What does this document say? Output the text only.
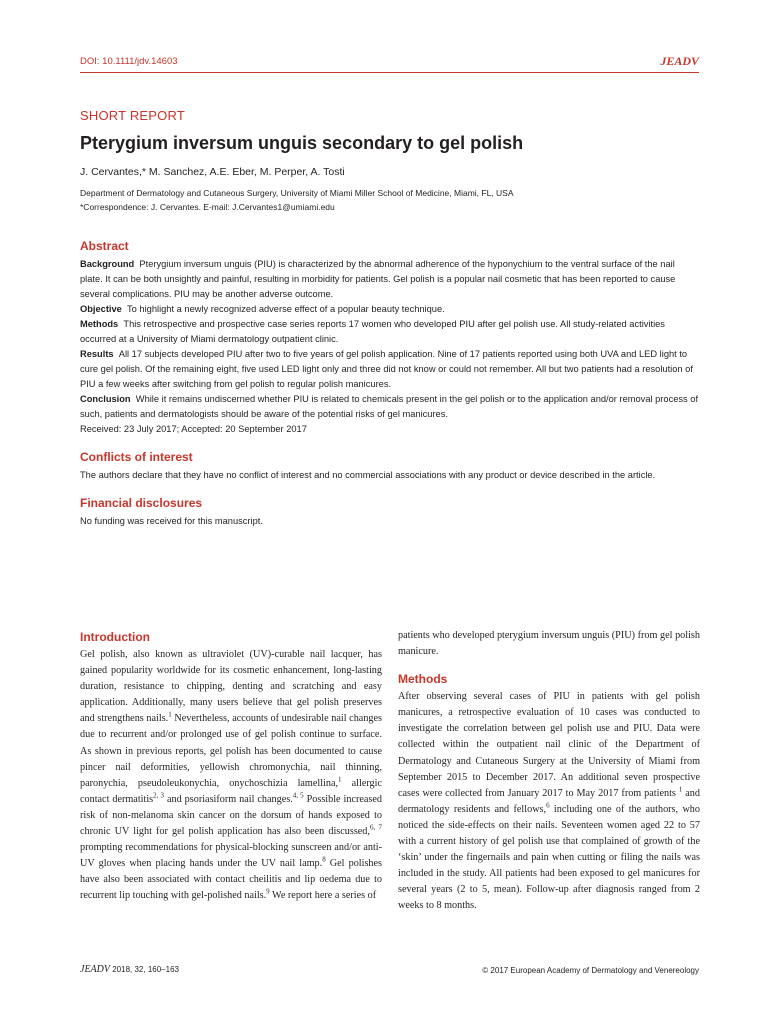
DOI: 10.1111/jdv.14603	JEADV
SHORT REPORT
Pterygium inversum unguis secondary to gel polish
J. Cervantes,* M. Sanchez, A.E. Eber, M. Perper, A. Tosti
Department of Dermatology and Cutaneous Surgery, University of Miami Miller School of Medicine, Miami, FL, USA
*Correspondence: J. Cervantes. E-mail: J.Cervantes1@umiami.edu
Abstract

Background Pterygium inversum unguis (PIU) is characterized by the abnormal adherence of the hyponychium to the ventral surface of the nail plate. It can be both unsightly and painful, resulting in morbidity for patients. Gel polish is a popular nail cosmetic that has been reported to cause several complications. PIU may be another adverse outcome.

Objective To highlight a newly recognized adverse effect of a popular beauty technique.

Methods This retrospective and prospective case series reports 17 women who developed PIU after gel polish use. All study-related activities occurred at a University of Miami dermatology outpatient clinic.

Results All 17 subjects developed PIU after two to five years of gel polish application. Nine of 17 patients reported using both UVA and LED light to cure gel polish. Of the remaining eight, five used LED light only and three did not know or could not remember. All but two patients had a resolution of PIU a few weeks after switching from gel polish to regular polish manicures.

Conclusion While it remains undiscerned whether PIU is related to chemicals present in the gel polish or to the application and/or removal process of such, patients and dermatologists should be aware of the potential risks of gel manicures.

Received: 23 July 2017; Accepted: 20 September 2017

Conflicts of interest

The authors declare that they have no conflict of interest and no commercial associations with any product or device described in the article.

Financial disclosures

No funding was received for this manuscript.

Introduction

Gel polish, also known as ultraviolet (UV)-curable nail lacquer, has gained popularity worldwide for its cosmetic enhancement, long-lasting duration, resistance to chipping, denting and scratching and easy application. Additionally, many users believe that gel polish preserves and strengthens nails.$^1$ Nevertheless, accounts of undesirable nail changes due to recurrent and/or prolonged use of gel polish continue to surface. As shown in previous reports, gel polish has been documented to cause pincer nail deformities, yellowish chromonychia, nail thinning, paronychia, pseudoleukonychia, onychoschizia lamellina,$^1$ allergic contact dermatitis$^{2, 3}$ and psoriasiform nail changes.$^{4, 5}$ Possible increased risk of non-melanoma skin cancer on the dorsum of hands exposed to chronic UV light for gel polish application has also been discussed,$^{6, 7}$ prompting recommendations for physical-blocking sunscreen and/or anti-UV gloves when placing hands under the UV nail lamp.$^8$ Gel polishes have also been associated with contact cheilitis and lip oedema due to recurrent lip touching with gel-polished nails.$^9$ We report here a series of

patients who developed pterygium inversum unguis (PIU) from gel polish manicure.

Methods

After observing several cases of PIU in patients with gel polish manicures, a retrospective evaluation of 10 cases was conducted to investigate the correlation between gel polish use and PIU. Data were collected within the outpatient nail clinic of the Department of Dermatology and Cutaneous Surgery at the University of Miami from September 2015 to December 2017. An additional seven prospective cases were collected from January 2017 to May 2017 from patients $^1$ and dermatology residents and fellows,$^6$ including one of the authors, who noticed the side-effects on their nails. Seventeen women aged 22 to 57 with a current history of gel polish use that complained of growth of the ‘skin’ under the fingernails and pain when cutting or filing the nails was included in the study. All patients had been exposed to gel manicures for several years (2 to 5, mean). Follow-up after diagnosis ranged from 2 weeks to 8 months.

JEADV 2018, 32, 160–163	© 2017 European Academy of Dermatology and Venereology
